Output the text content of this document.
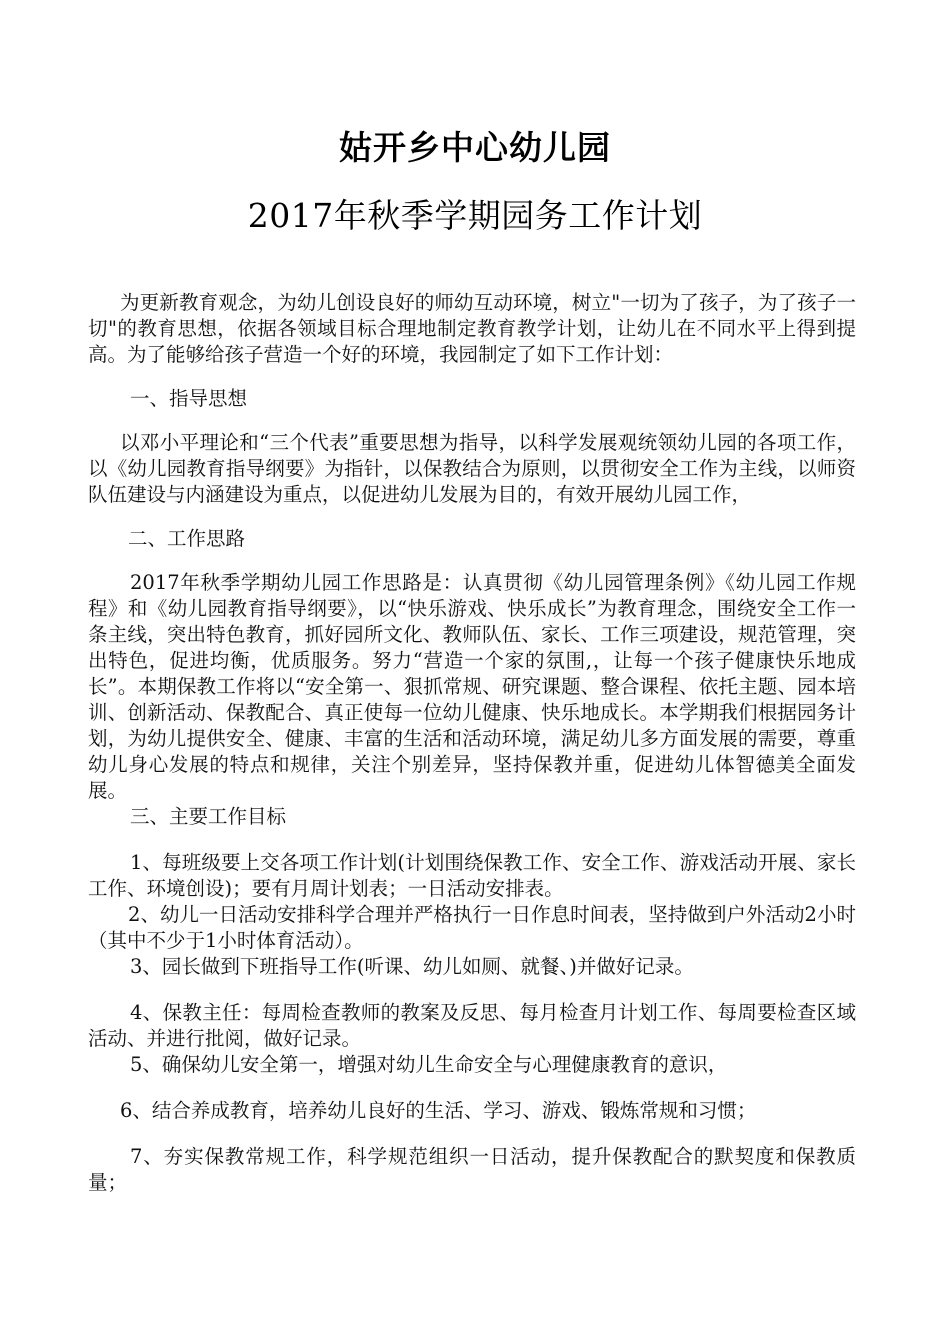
姑开乡中心幼儿园
2017年秋季学期园务工作计划

为更新教育观念，为幼儿创设良好的师幼互动环境，树立"一切为了孩子，为了孩子一切"的教育思想，依据各领域目标合理地制定教育教学计划，让幼儿在不同水平上得到提高。为了能够给孩子营造一个好的环境，我园制定了如下工作计划：

一、指导思想

以邓小平理论和“三个代表”重要思想为指导，以科学发展观统领幼儿园的各项工作，以《幼儿园教育指导纲要》为指针，以保教结合为原则，以贯彻安全工作为主线，以师资队伍建设与内涵建设为重点，以促进幼儿发展为目的，有效开展幼儿园工作，

二、工作思路

2017年秋季学期幼儿园工作思路是：认真贯彻《幼儿园管理条例》《幼儿园工作规程》和《幼儿园教育指导纲要》，以“快乐游戏、快乐成长”为教育理念，围绕安全工作一条主线，突出特色教育，抓好园所文化、教师队伍、家长、工作三项建设，规范管理，突出特色，促进均衡，优质服务。努力“营造一个家的氛围,，让每一个孩子健康快乐地成长”。本期保教工作将以“安全第一、狠抓常规、研究课题、整合课程、依托主题、园本培训、创新活动、保教配合、真正使每一位幼儿健康、快乐地成长。本学期我们根据园务计划，为幼儿提供安全、健康、丰富的生活和活动环境，满足幼儿多方面发展的需要，尊重幼儿身心发展的特点和规律，关注个别差异，坚持保教并重，促进幼儿体智德美全面发展。

三、主要工作目标

1、每班级要上交各项工作计划(计划围绕保教工作、安全工作、游戏活动开展、家长工作、环境创设)；要有月周计划表；一日活动安排表。

2、幼儿一日活动安排科学合理并严格执行一日作息时间表，坚持做到户外活动2小时（其中不少于1小时体育活动）。

3、园长做到下班指导工作(听课、幼儿如厕、就餐、)并做好记录。

4、保教主任：每周检查教师的教案及反思、每月检查月计划工作、每周要检查区域活动、并进行批阅，做好记录。

5、确保幼儿安全第一，增强对幼儿生命安全与心理健康教育的意识，

6、结合养成教育，培养幼儿良好的生活、学习、游戏、锻炼常规和习惯；

7、夯实保教常规工作，科学规范组织一日活动，提升保教配合的默契度和保教质量；
